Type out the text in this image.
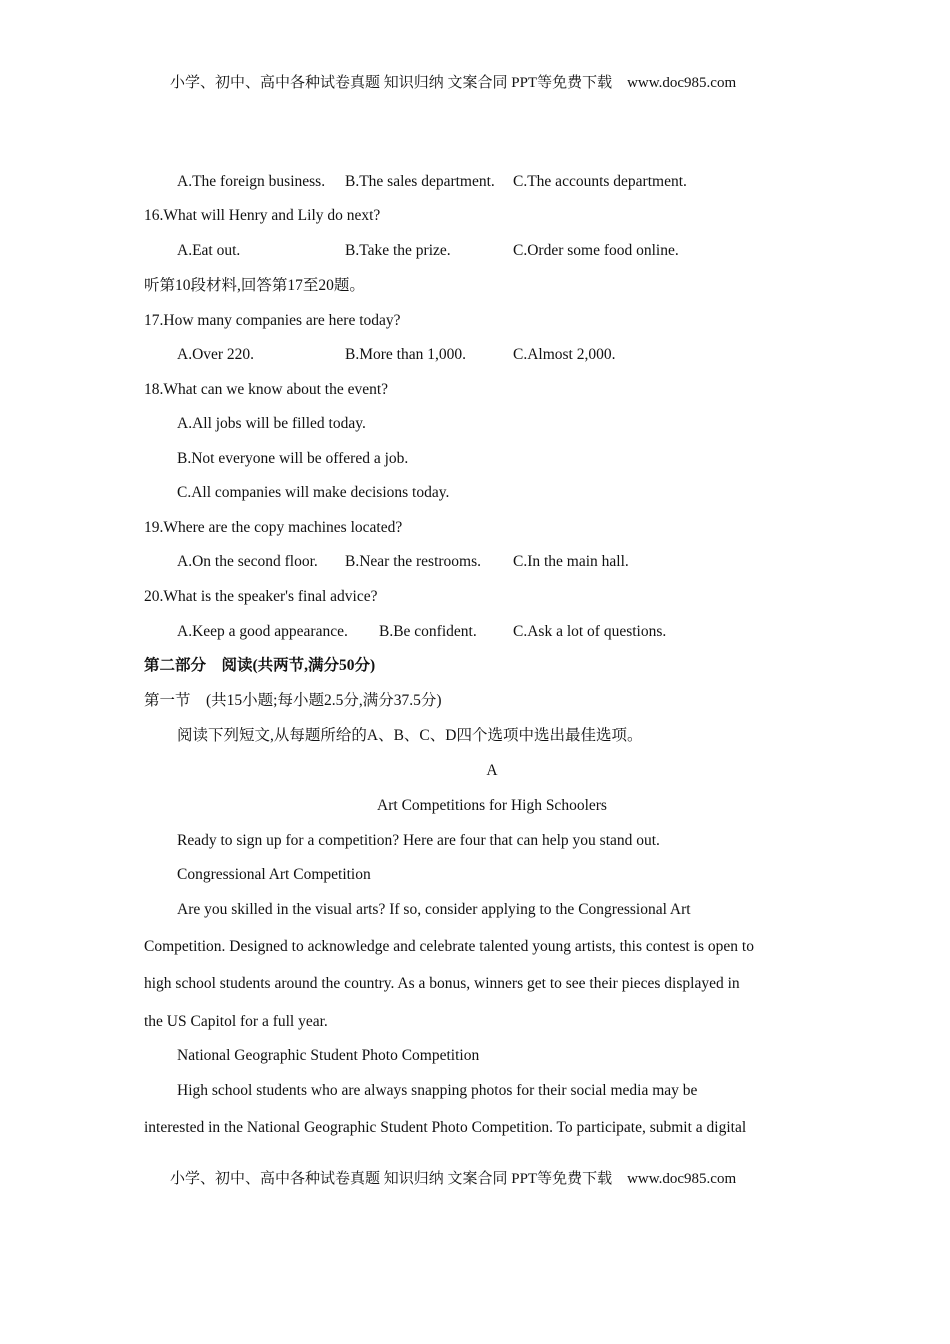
小学、初中、高中各种试卷真题 知识归纳 文案合同 PPT等免费下载　www.doc985.com
A.The foreign business. B.The sales department. C.The accounts department.
16.What will Henry and Lily do next?
A.Eat out.	B.Take the prize.	C.Order some food online.
听第10段材料,回答第17至20题。
17.How many companies are here today?
A.Over 220.	B.More than 1,000.	C.Almost 2,000.
18.What can we know about the event?
A.All jobs will be filled today.
B.Not everyone will be offered a job.
C.All companies will make decisions today.
19.Where are the copy machines located?
A.On the second floor. B.Near the restrooms. C.In the main hall.
20.What is the speaker's final advice?
A.Keep a good appearance. B.Be confident. C.Ask a lot of questions.
第二部分　阅读(共两节,满分50分)
第一节　(共15小题;每小题2.5分,满分37.5分)
阅读下列短文,从每题所给的A、B、C、D四个选项中选出最佳选项。
A
Art Competitions for High Schoolers
Ready to sign up for a competition? Here are four that can help you stand out.
Congressional Art Competition
Are you skilled in the visual arts? If so, consider applying to the Congressional Art
Competition. Designed to acknowledge and celebrate talented young artists, this contest is open to
high school students around the country. As a bonus, winners get to see their pieces displayed in
the US Capitol for a full year.
National Geographic Student Photo Competition
High school students who are always snapping photos for their social media may be
interested in the National Geographic Student Photo Competition. To participate, submit a digital
小学、初中、高中各种试卷真题 知识归纳 文案合同 PPT等免费下载　www.doc985.com
